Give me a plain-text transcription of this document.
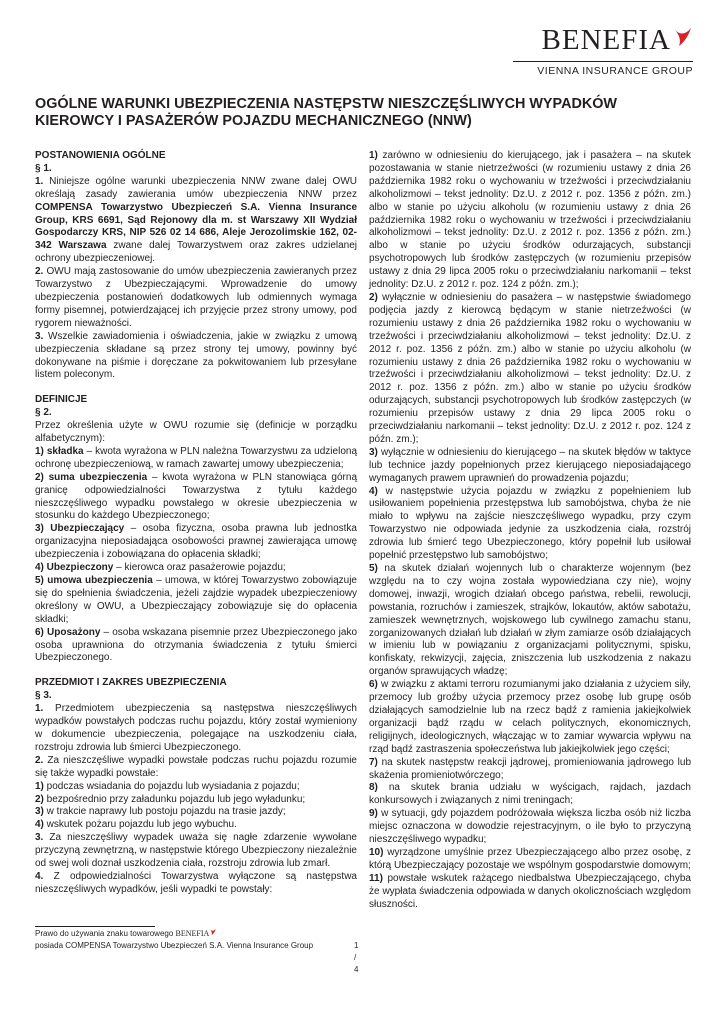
BENEFIA
VIENNA INSURANCE GROUP
OGÓLNE WARUNKI UBEZPIECZENIA NASTĘPSTW NIESZCZĘŚLIWYCH WYPADKÓW
KIEROWCY I PASAŻERÓW POJAZDU MECHANICZNEGO (NNW)

POSTANOWIENIA OGÓLNE

§ 1.

1. Niniejsze ogólne warunki ubezpieczenia NNW zwane dalej OWU określają zasady zawierania umów ubezpieczenia NNW przez COMPENSA Towarzystwo Ubezpieczeń S.A. Vienna Insurance Group, KRS 6691, Sąd Rejonowy dla m. st Warszawy XII Wydział Gospodarczy KRS, NIP 526 02 14 686, Aleje Jerozolimskie 162, 02-342 Warszawa zwane dalej Towarzystwem oraz zakres udzielanej ochrony ubezpieczeniowej.

2. OWU mają zastosowanie do umów ubezpieczenia zawieranych przez Towarzystwo z Ubezpieczającymi. Wprowadzenie do umowy ubezpieczenia postanowień dodatkowych lub odmiennych wymaga formy pisemnej, potwierdzającej ich przyjęcie przez strony umowy, pod rygorem nieważności.

3. Wszelkie zawiadomienia i oświadczenia, jakie w związku z umową ubezpieczenia składane są przez strony tej umowy, powinny być dokonywane na piśmie i doręczane za pokwitowaniem lub przesyłane listem poleconym.

DEFINICJE

§ 2.

Przez określenia użyte w OWU rozumie się (definicje w porządku alfabetycznym):

1) składka – kwota wyrażona w PLN należna Towarzystwu za udzieloną ochronę ubezpieczeniową, w ramach zawartej umowy ubezpieczenia;

2) suma ubezpieczenia – kwota wyrażona w PLN stanowiąca górną granicę odpowiedzialności Towarzystwa z tytułu każdego nieszczęśliwego wypadku powstałego w okresie ubezpieczenia w stosunku do każdego Ubezpieczonego;

3) Ubezpieczający – osoba fizyczna, osoba prawna lub jednostka organizacyjna nieposiadająca osobowości prawnej zawierająca umowę ubezpieczenia i zobowiązana do opłacenia składki;

4) Ubezpieczony – kierowca oraz pasażerowie pojazdu;

5) umowa ubezpieczenia – umowa, w której Towarzystwo zobowiązuje się do spełnienia świadczenia, jeżeli zajdzie wypadek ubezpieczeniowy określony w OWU, a Ubezpieczający zobowiązuje się do opłacenia składki;

6) Uposażony – osoba wskazana pisemnie przez Ubezpieczonego jako osoba uprawniona do otrzymania świadczenia z tytułu śmierci Ubezpieczonego.

PRZEDMIOT I ZAKRES UBEZPIECZENIA

§ 3.

1. Przedmiotem ubezpieczenia są następstwa nieszczęśliwych wypadków powstałych podczas ruchu pojazdu, który został wymieniony w dokumencie ubezpieczenia, polegające na uszkodzeniu ciała, rozstroju zdrowia lub śmierci Ubezpieczonego.

2. Za nieszczęśliwe wypadki powstałe podczas ruchu pojazdu rozumie się także wypadki powstałe:

1) podczas wsiadania do pojazdu lub wysiadania z pojazdu;

2) bezpośrednio przy załadunku pojazdu lub jego wyładunku;

3) w trakcie naprawy lub postoju pojazdu na trasie jazdy;

4) wskutek pożaru pojazdu lub jego wybuchu.

3. Za nieszczęśliwy wypadek uważa się nagłe zdarzenie wywołane przyczyną zewnętrzną, w następstwie którego Ubezpieczony niezależnie od swej woli doznał uszkodzenia ciała, rozstroju zdrowia lub zmarł.

4. Z odpowiedzialności Towarzystwa wyłączone są następstwa nieszczęśliwych wypadków, jeśli wypadki te powstały:

1) zarówno w odniesieniu do kierującego, jak i pasażera – na skutek pozostawania w stanie nietrzeźwości (w rozumieniu ustawy z dnia 26 października 1982 roku o wychowaniu w trzeźwości i przeciwdziałaniu alkoholizmowi – tekst jednolity: Dz.U. z 2012 r. poz. 1356 z późn. zm.) albo w stanie po użyciu alkoholu (w rozumieniu ustawy z dnia 26 października 1982 roku o wychowaniu w trzeźwości i przeciwdziałaniu alkoholizmowi – tekst jednolity: Dz.U. z 2012 r. poz. 1356 z późn. zm.) albo w stanie po użyciu środków odurzających, substancji psychotropowych lub środków zastępczych (w rozumieniu przepisów ustawy z dnia 29 lipca 2005 roku o przeciwdziałaniu narkomanii – tekst jednolity: Dz.U. z 2012 r. poz. 124 z późn. zm.);

2) wyłącznie w odniesieniu do pasażera – w następstwie świadomego podjęcia jazdy z kierowcą będącym w stanie nietrzeźwości (w rozumieniu ustawy z dnia 26 października 1982 roku o wychowaniu w trzeźwości i przeciwdziałaniu alkoholizmowi – tekst jednolity: Dz.U. z 2012 r. poz. 1356 z późn. zm.) albo w stanie po użyciu alkoholu (w rozumieniu ustawy z dnia 26 października 1982 roku o wychowaniu w trzeźwości i przeciwdziałaniu alkoholizmowi – tekst jednolity: Dz.U. z 2012 r. poz. 1356 z późn. zm.) albo w stanie po użyciu środków odurzających, substancji psychotropowych lub środków zastępczych (w rozumieniu przepisów ustawy z dnia 29 lipca 2005 roku o przeciwdziałaniu narkomanii – tekst jednolity: Dz.U. z 2012 r. poz. 124 z późn. zm.);

3) wyłącznie w odniesieniu do kierującego – na skutek błędów w taktyce lub technice jazdy popełnionych przez kierującego nieposiadającego wymaganych prawem uprawnień do prowadzenia pojazdu;

4) w następstwie użycia pojazdu w związku z popełnieniem lub usiłowaniem popełnienia przestępstwa lub samobójstwa, chyba że nie miało to wpływu na zajście nieszczęśliwego wypadku, przy czym Towarzystwo nie odpowiada jedynie za uszkodzenia ciała, rozstrój zdrowia lub śmierć tego Ubezpieczonego, który popełnił lub usiłował popełnić przestępstwo lub samobójstwo;

5) na skutek działań wojennych lub o charakterze wojennym (bez względu na to czy wojna została wypowiedziana czy nie), wojny domowej, inwazji, wrogich działań obcego państwa, rebelii, rewolucji, powstania, rozruchów i zamieszek, strajków, lokautów, aktów sabotażu, zamieszek wewnętrznych, wojskowego lub cywilnego zamachu stanu, zorganizowanych działań lub działań w złym zamiarze osób działających w imieniu lub w powiązaniu z organizacjami politycznymi, spisku, konfiskaty, rekwizycji, zajęcia, zniszczenia lub uszkodzenia z nakazu organów sprawujących władzę;

6) w związku z aktami terroru rozumianymi jako działania z użyciem siły, przemocy lub groźby użycia przemocy przez osobę lub grupę osób działających samodzielnie lub na rzecz bądź z ramienia jakiejkolwiek organizacji bądź rządu w celach politycznych, ekonomicznych, religijnych, ideologicznych, włączając w to zamiar wywarcia wpływu na rząd bądź zastraszenia społeczeństwa lub jakiejkolwiek jego części;

7) na skutek następstw reakcji jądrowej, promieniowania jądrowego lub skażenia promieniotwórczego;

8) na skutek brania udziału w wyścigach, rajdach, jazdach konkursowych i związanych z nimi treningach;

9) w sytuacji, gdy pojazdem podróżowała większa liczba osób niż liczba miejsc oznaczona w dowodzie rejestracyjnym, o ile było to przyczyną nieszczęśliwego wypadku;

10) wyrządzone umyślnie przez Ubezpieczającego albo przez osobę, z którą Ubezpieczający pozostaje we wspólnym gospodarstwie domowym;

11) powstałe wskutek rażącego niedbalstwa Ubezpieczającego, chyba że wypłata świadczenia odpowiada w danych okolicznościach względom słuszności.

Prawo do używania znaku towarowego BENEFIA
posiada COMPENSA Towarzystwo Ubezpieczeń S.A. Vienna Insurance Group	1 / 4
